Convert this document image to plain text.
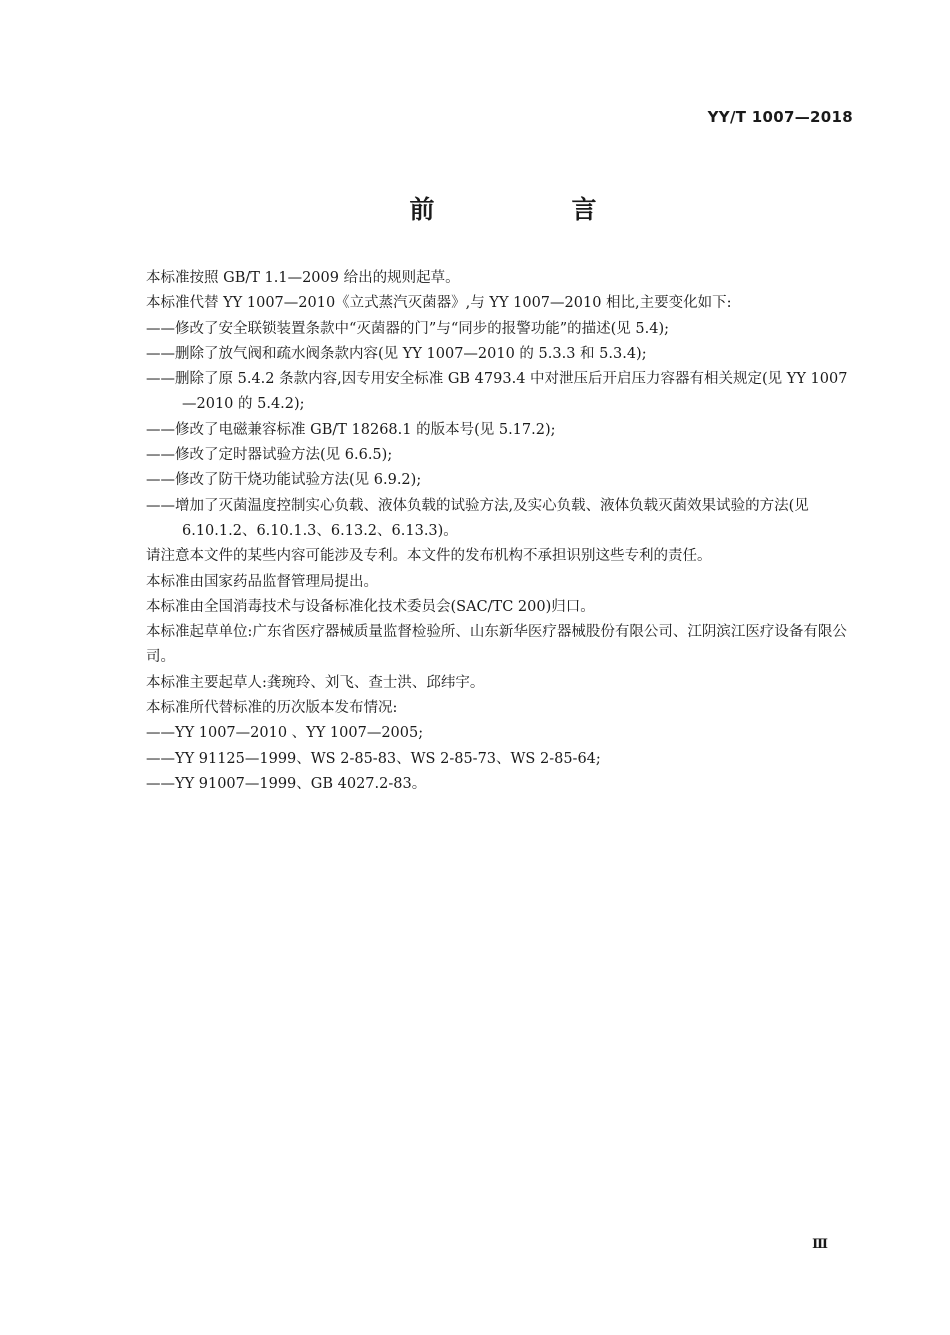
YY/T 1007—2018
前　言

本标准按照 GB/T 1.1—2009 给出的规则起草。

本标准代替 YY 1007—2010《立式蒸汽灭菌器》,与 YY 1007—2010 相比,主要变化如下:

——修改了安全联锁装置条款中“灭菌器的门”与“同步的报警功能”的描述(见 5.4);

——删除了放气阀和疏水阀条款内容(见 YY 1007—2010 的 5.3.3 和 5.3.4);

——删除了原 5.4.2 条款内容,因专用安全标准 GB 4793.4 中对泄压后开启压力容器有相关规定(见 YY 1007—2010 的 5.4.2);

——修改了电磁兼容标准 GB/T 18268.1 的版本号(见 5.17.2);

——修改了定时器试验方法(见 6.6.5);

——修改了防干烧功能试验方法(见 6.9.2);

——增加了灭菌温度控制实心负载、液体负载的试验方法,及实心负载、液体负载灭菌效果试验的方法(见 6.10.1.2、6.10.1.3、6.13.2、6.13.3)。

请注意本文件的某些内容可能涉及专利。本文件的发布机构不承担识别这些专利的责任。

本标准由国家药品监督管理局提出。

本标准由全国消毒技术与设备标准化技术委员会(SAC/TC 200)归口。

本标准起草单位:广东省医疗器械质量监督检验所、山东新华医疗器械股份有限公司、江阴滨江医疗设备有限公司。

本标准主要起草人:龚琬玲、刘飞、查士洪、邱纬宇。

本标准所代替标准的历次版本发布情况:

——YY 1007—2010 、YY 1007—2005;

——YY 91125—1999、WS 2-85-83、WS 2-85-73、WS 2-85-64;

——YY 91007—1999、GB 4027.2-83。

Ⅲ
